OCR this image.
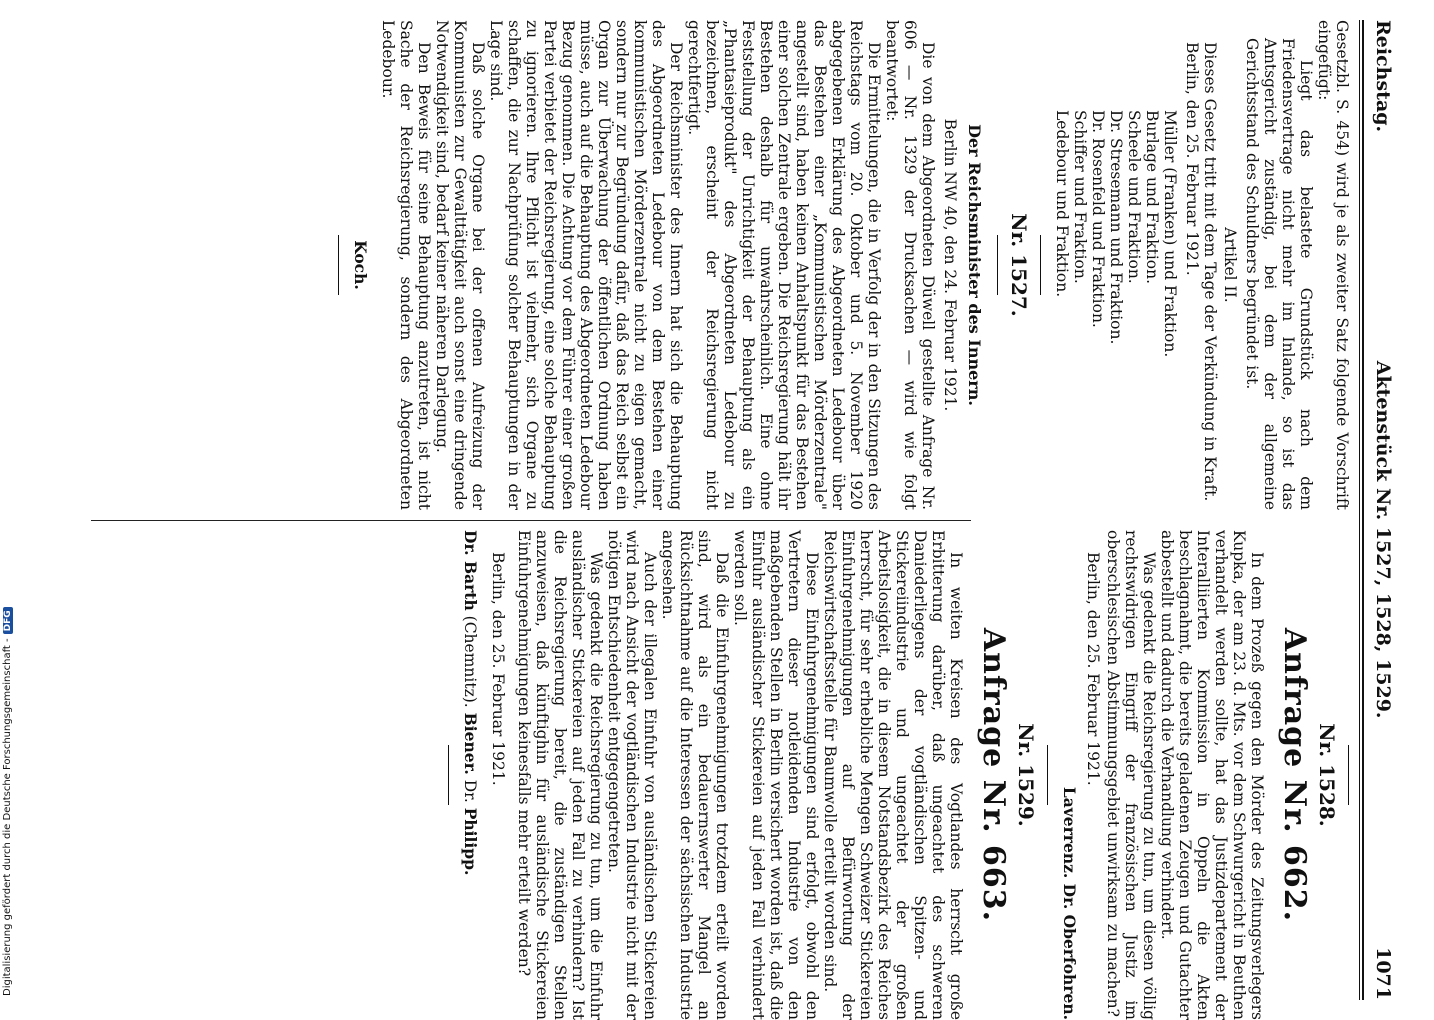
Reichstag.
Aktenstück Nr. 1527, 1528, 1529.
1071

Gesetzbl. S. 454) wird je als zweiter Satz folgende Vorschrift eingefügt:

Liegt das belastete Grundstück nach dem Friedensvertrage nicht mehr im Inlande, so ist das Amtsgericht zuständig, bei dem der allgemeine Gerichtsstand des Schuldners begründet ist.

Artikel II.

Dieses Gesetz tritt mit dem Tage der Verkündung in Kraft.

Berlin, den 25. Februar 1921.

Müller (Franken) und Fraktion.

Burlage und Fraktion.

Scheele und Fraktion.

Dr. Stresemann und Fraktion.

Dr. Rosenfeld und Fraktion.

Schiffer und Fraktion.

Ledebour und Fraktion.

Nr. 1527.

Der Reichsminister des Innern.

Berlin NW 40, den 24. Februar 1921.

Die von dem Abgeordneten Düwell gestellte Anfrage Nr. 606 — Nr. 1329 der Drucksachen — wird wie folgt beantwortet:

Die Ermittelungen, die in Verfolg der in den Sitzungen des Reichstags vom 20. Oktober und 5. November 1920 abgegebenen Erklärung des Abgeordneten Ledebour über das Bestehen einer „Kommunistischen Mörderzentrale" angestellt sind, haben keinen Anhaltspunkt für das Bestehen einer solchen Zentrale ergeben. Die Reichsregierung hält ihr Bestehen deshalb für unwahrscheinlich. Eine ohne Feststellung der Unrichtigkeit der Behauptung als ein „Phantasieprodukt" des Abgeordneten Ledebour zu bezeichnen, erscheint der Reichsregierung nicht gerechtfertigt.

Der Reichsminister des Innern hat sich die Behauptung des Abgeordneten Ledebour von dem Bestehen einer kommunistischen Mörderzentrale nicht zu eigen gemacht, sondern nur zur Begründung dafür, daß das Reich selbst ein Organ zur Überwachung der öffentlichen Ordnung haben müsse, auch auf die Behauptung des Abgeordneten Ledebour Bezug genommen. Die Achtung vor dem Führer einer großen Partei verbietet der Reichsregierung, eine solche Behauptung zu ignorieren. Ihre Pflicht ist vielmehr, sich Organe zu schaffen, die zur Nachprüfung solcher Behauptungen in der Lage sind.

Daß solche Organe bei der offenen Aufreizung der Kommunisten zur Gewalttätigkeit auch sonst eine dringende Notwendigkeit sind, bedarf keiner näheren Darlegung.

Den Beweis für seine Behauptung anzutreten, ist nicht Sache der Reichsregierung, sondern des Abgeordneten Ledebour.

Koch.

Nr. 1528.

Anfrage Nr. 662.

In dem Prozeß gegen den Mörder des Zeitungsverlegers Kupka, der am 23. d. Mts. vor dem Schwurgericht in Beuthen verhandelt werden sollte, hat das Justizdepartement der Interalliierten Kommission in Oppeln die Akten beschlagnahmt, die bereits geladenen Zeugen und Gutachter abbestellt und dadurch die Verhandlung verhindert.

Was gedenkt die Reichsregierung zu tun, um diesen völlig rechtswidrigen Eingriff der französischen Justiz im oberschlesischen Abstimmungsgebiet unwirksam zu machen?

Berlin, den 25. Februar 1921.

Laverrenz. Dr. Oberfohren.

Nr. 1529.

Anfrage Nr. 663.

In weiten Kreisen des Vogtlandes herrscht große Erbitterung darüber, daß ungeachtet des schweren Daniederliegens der vogtländischen Spitzen- und Stickereiindustrie und ungeachtet der großen Arbeitslosigkeit, die in diesem Notstandsbezirk des Reiches herrscht, für sehr erhebliche Mengen Schweizer Stickereien Einfuhrgenehmigungen auf Befürwortung der Reichswirtschaftsstelle für Baumwolle erteilt worden sind.

Diese Einfuhrgenehmigungen sind erfolgt, obwohl den Vertretern dieser notleidenden Industrie von den maßgebenden Stellen in Berlin versichert worden ist, daß die Einfuhr ausländischer Stickereien auf jeden Fall verhindert werden soll.

Daß die Einfuhrgenehmigungen trotzdem erteilt worden sind, wird als ein bedauernswerter Mangel an Rücksichtnahme auf die Interessen der sächsischen Industrie angesehen.

Auch der illegalen Einfuhr von ausländischen Stickereien wird nach Ansicht der vogtländischen Industrie nicht mit der nötigen Entschiedenheit entgegengetreten.

Was gedenkt die Reichsregierung zu tun, um die Einfuhr ausländischer Stickereien auf jeden Fall zu verhindern? Ist die Reichsregierung bereit, die zuständigen Stellen anzuweisen, daß künftighin für ausländische Stickereien Einfuhrgenehmigungen keinesfalls mehr erteilt werden?

Berlin, den 25. Februar 1921.

Dr. Barth (Chemnitz). Biener. Dr. Philipp.

Digitalisierung gefördert durch die Deutsche Forschungsgemeinschaft -
DFG
